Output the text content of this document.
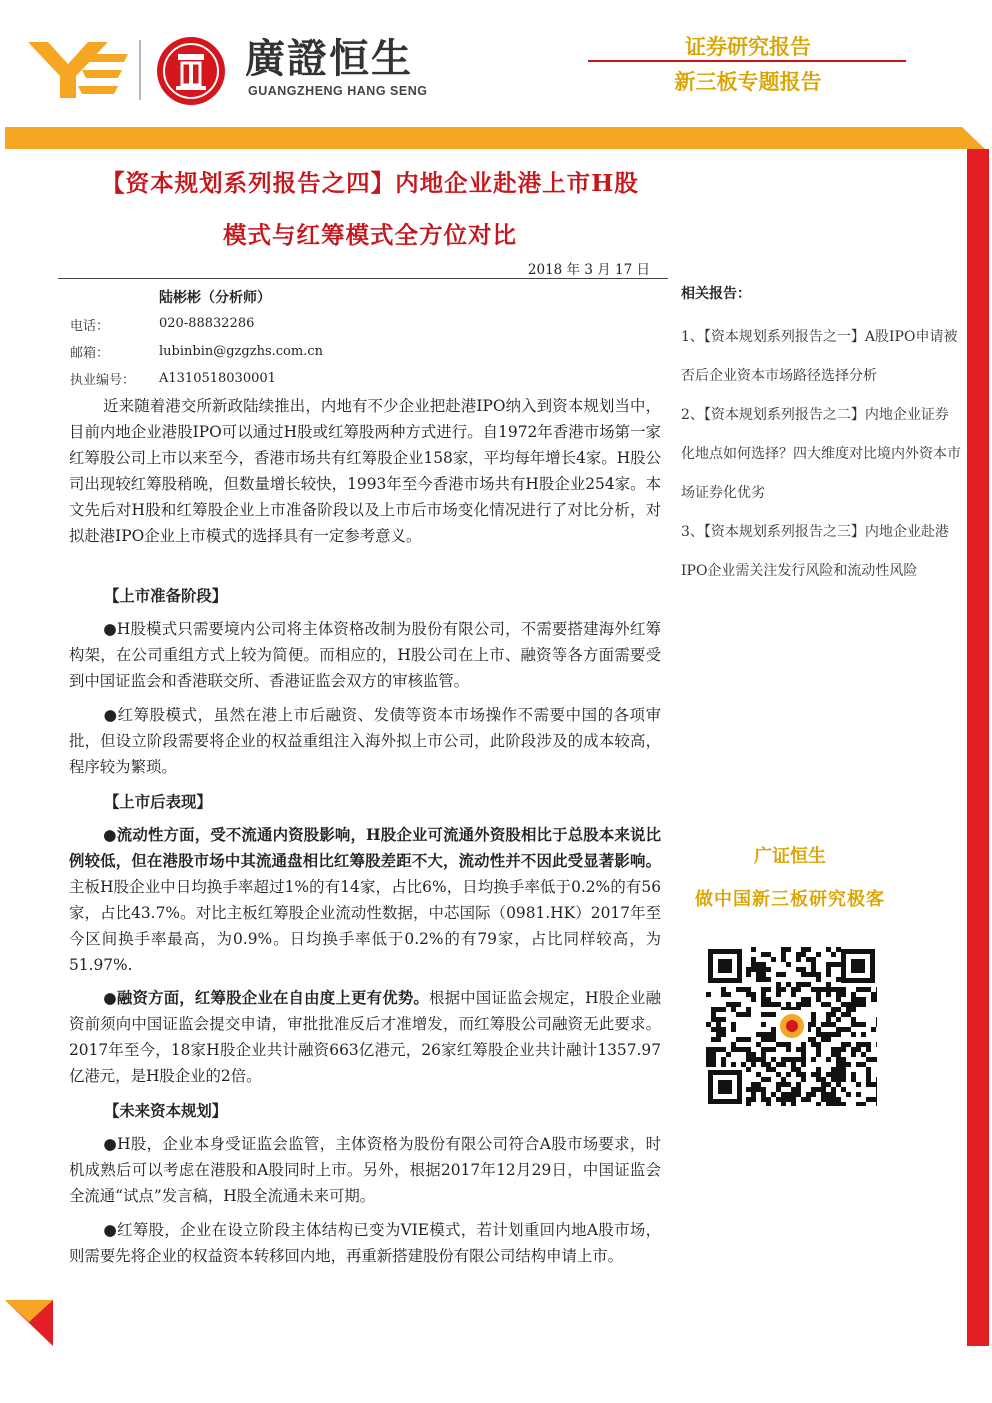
廣證恒生
GUANGZHENG HANG SENG
证券研究报告
新三板专题报告
【资本规划系列报告之四】内地企业赴港上市H股
模式与红筹模式全方位对比
2018 年 3 月 17 日
陆彬彬（分析师）
电话：	020-88832286
邮箱：	lubinbin@gzgzhs.com.cn
执业编号： A1310518030001
近来随着港交所新政陆续推出，内地有不少企业把赴港IPO纳入到资本规划当中，目前内地企业港股IPO可以通过H股或红筹股两种方式进行。自1972年香港市场第一家红筹股公司上市以来至今，香港市场共有红筹股企业158家，平均每年增长4家。H股公司出现较红筹股稍晚，但数量增长较快，1993年至今香港市场共有H股企业254家。本文先后对H股和红筹股企业上市准备阶段以及上市后市场变化情况进行了对比分析，对拟赴港IPO企业上市模式的选择具有一定参考意义。
【上市准备阶段】
●H股模式只需要境内公司将主体资格改制为股份有限公司，不需要搭建海外红筹构架，在公司重组方式上较为简便。而相应的，H股公司在上市、融资等各方面需要受到中国证监会和香港联交所、香港证监会双方的审核监管。
●红筹股模式，虽然在港上市后融资、发债等资本市场操作不需要中国的各项审批，但设立阶段需要将企业的权益重组注入海外拟上市公司，此阶段涉及的成本较高，程序较为繁琐。
【上市后表现】
●流动性方面，受不流通内资股影响，H股企业可流通外资股相比于总股本来说比例较低，但在港股市场中其流通盘相比红筹股差距不大，流动性并不因此受显著影响。主板H股企业中日均换手率超过1%的有14家，占比6%，日均换手率低于0.2%的有56家，占比43.7%。对比主板红筹股企业流动性数据，中芯国际（0981.HK）2017年至今区间换手率最高，为0.9%。日均换手率低于0.2%的有79家，占比同样较高，为51.97%.
●融资方面，红筹股企业在自由度上更有优势。根据中国证监会规定，H股企业融资前须向中国证监会提交申请，审批批准反后才准增发，而红筹股公司融资无此要求。2017年至今，18家H股企业共计融资663亿港元，26家红筹股企业共计融计1357.97亿港元，是H股企业的2倍。
【未来资本规划】
●H股，企业本身受证监会监管，主体资格为股份有限公司符合A股市场要求，时机成熟后可以考虑在港股和A股同时上市。另外，根据2017年12月29日，中国证监会全流通“试点”发言稿，H股全流通未来可期。
●红筹股，企业在设立阶段主体结构已变为VIE模式，若计划重回内地A股市场，则需要先将企业的权益资本转移回内地，再重新搭建股份有限公司结构申请上市。
相关报告：
1、【资本规划系列报告之一】A股IPO申请被否后企业资本市场路径选择分析
2、【资本规划系列报告之二】内地企业证券化地点如何选择？四大维度对比境内外资本市场证券化优劣
3、【资本规划系列报告之三】内地企业赴港IPO企业需关注发行风险和流动性风险
广证恒生
做中国新三板研究极客
